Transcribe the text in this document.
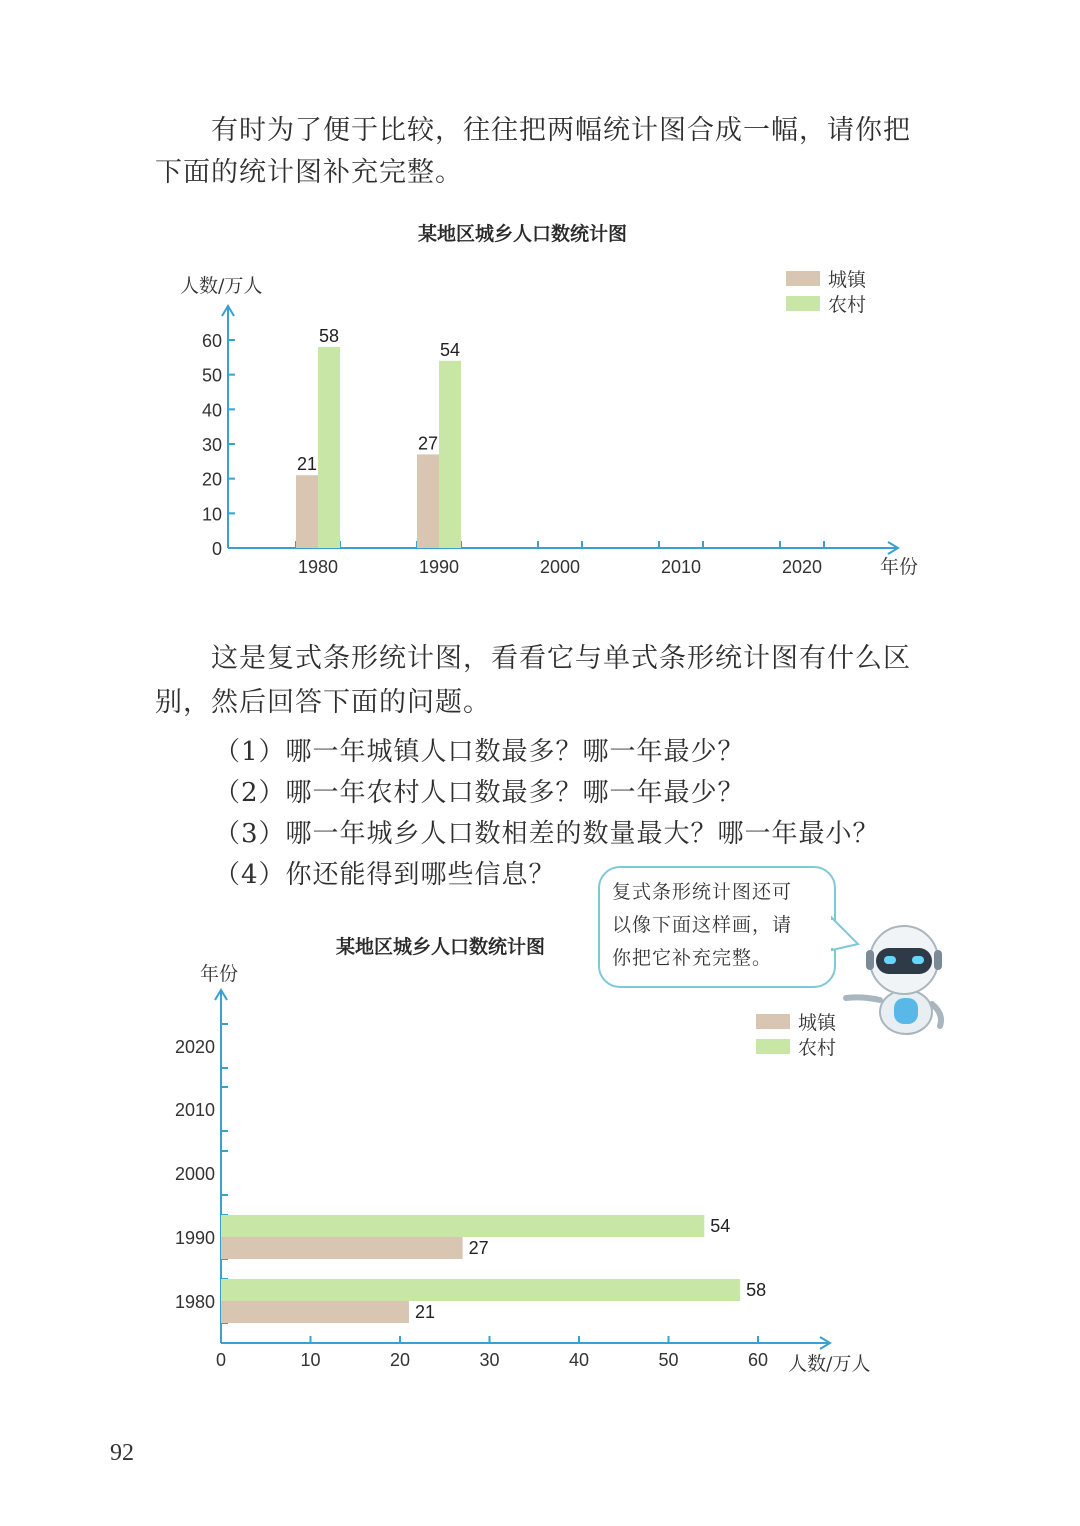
有时为了便于比较，往往把两幅统计图合成一幅，请你把

下面的统计图补充完整。

某地区城乡人口数统计图
0
10
20
30
40
50
60
1980	1990	2000	2010	2020
21
27
58
54
人数/万人
年份
城镇
农村

这是复式条形统计图，看看它与单式条形统计图有什么区

别，然后回答下面的问题。

（1）哪一年城镇人口数最多？哪一年最少？

（2）哪一年农村人口数最多？哪一年最少？

（3）哪一年城乡人口数相差的数量最大？哪一年最小？

（4）你还能得到哪些信息？

复式条形统计图还可
以像下面这样画，请
你把它补充完整。
某地区城乡人口数统计图
0	10	20	30	40	50	60
1980
1990
2000
2010
2020
21
27
58
54
年份
人数/万人
城镇
农村
92
